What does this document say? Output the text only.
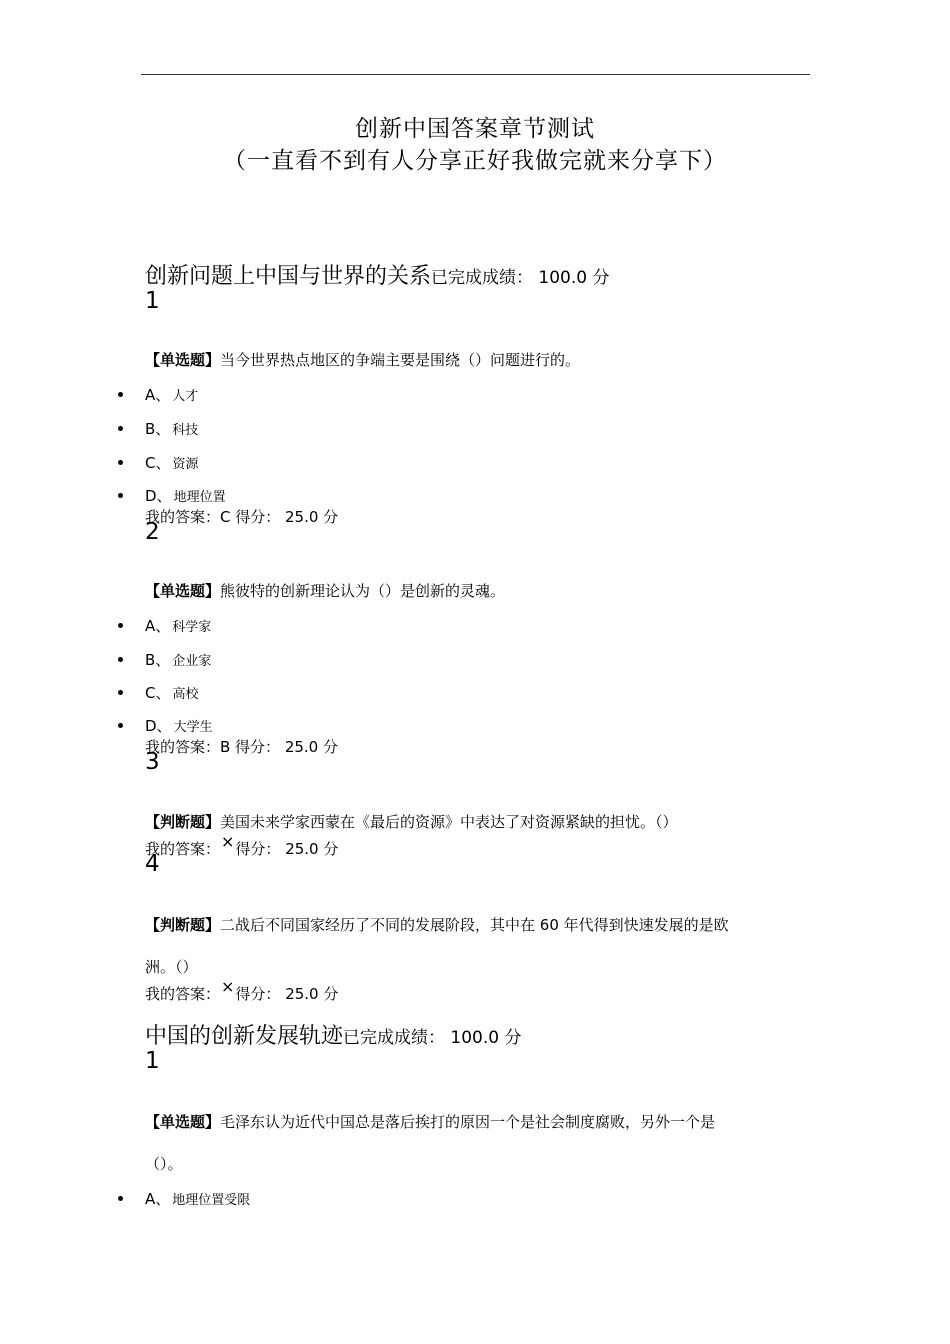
创新中国答案章节测试
（一直看不到有人分享正好我做完就来分享下）
创新问题上中国与世界的关系已完成成绩： 100.0 分
1
【单选题】当今世界热点地区的争端主要是围绕（）问题进行的。
A、 人才
B、 科技
C、 资源
D、 地理位置
我的答案：C 得分： 25.0 分
2
【单选题】熊彼特的创新理论认为（）是创新的灵魂。
A、 科学家
B、 企业家
C、 高校
D、 大学生
我的答案：B 得分： 25.0 分
3
【判断题】美国未来学家西蒙在《最后的资源》中表达了对资源紧缺的担忧。（）
我的答案：×得分： 25.0 分
4
【判断题】二战后不同国家经历了不同的发展阶段，其中在 60 年代得到快速发展的是欧
洲。（）
我的答案：×得分： 25.0 分
中国的创新发展轨迹已完成成绩： 100.0 分
1
【单选题】毛泽东认为近代中国总是落后挨打的原因一个是社会制度腐败，另外一个是
（）。
A、 地理位置受限
